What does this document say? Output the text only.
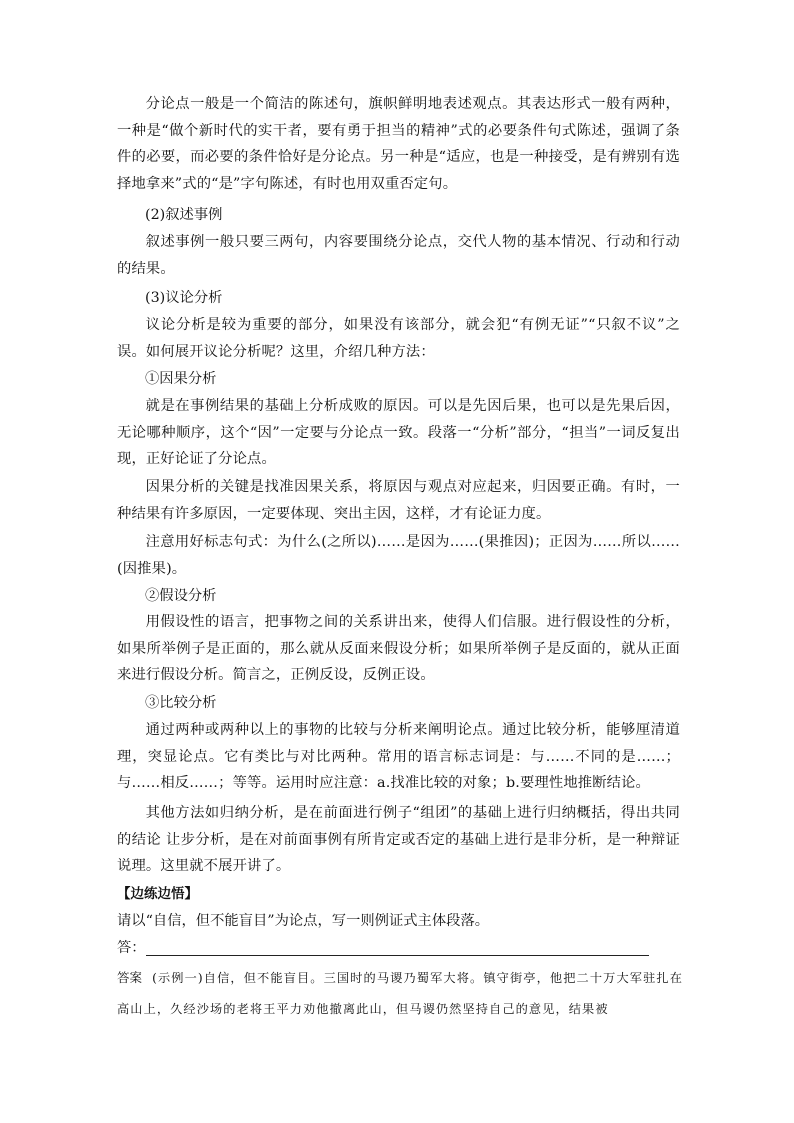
分论点一般是一个简洁的陈述句，旗帜鲜明地表述观点。其表达形式一般有两种，一种是“做个新时代的实干者，要有勇于担当的精神”式的必要条件句式陈述，强调了条件的必要，而必要的条件恰好是分论点。另一种是“适应，也是一种接受，是有辨别有选择地拿来”式的“是”字句陈述，有时也用双重否定句。

(2)叙述事例

叙述事例一般只要三两句，内容要围绕分论点，交代人物的基本情况、行动和行动的结果。

(3)议论分析

议论分析是较为重要的部分，如果没有该部分，就会犯“有例无证”“只叙不议”之误。如何展开议论分析呢？这里，介绍几种方法：

①因果分析

就是在事例结果的基础上分析成败的原因。可以是先因后果，也可以是先果后因，无论哪种顺序，这个“因”一定要与分论点一致。段落一“分析”部分，“担当”一词反复出现，正好论证了分论点。

因果分析的关键是找准因果关系，将原因与观点对应起来，归因要正确。有时，一种结果有许多原因，一定要体现、突出主因，这样，才有论证力度。

注意用好标志句式：为什么(之所以)……是因为……(果推因)；正因为……所以……(因推果)。

②假设分析

用假设性的语言，把事物之间的关系讲出来，使得人们信服。进行假设性的分析，如果所举例子是正面的，那么就从反面来假设分析；如果所举例子是反面的，就从正面来进行假设分析。简言之，正例反设，反例正设。

③比较分析

通过两种或两种以上的事物的比较与分析来阐明论点。通过比较分析，能够厘清道理，突显论点。它有类比与对比两种。常用的语言标志词是：与……不同的是……；与……相反……；等等。运用时应注意：a.找准比较的对象；b.要理性地推断结论。

其他方法如归纳分析，是在前面进行例子“组团”的基础上进行归纳概括，得出共同的结论 让步分析，是在对前面事例有所肯定或否定的基础上进行是非分析，是一种辩证说理。这里就不展开讲了。

【边练边悟】

请以“自信，但不能盲目”为论点，写一则例证式主体段落。

答：

答案 (示例一)自信，但不能盲目。三国时的马谡乃蜀军大将。镇守街亭，他把二十万大军驻扎在高山上，久经沙场的老将王平力劝他撤离此山，但马谡仍然坚持自己的意见，结果被
